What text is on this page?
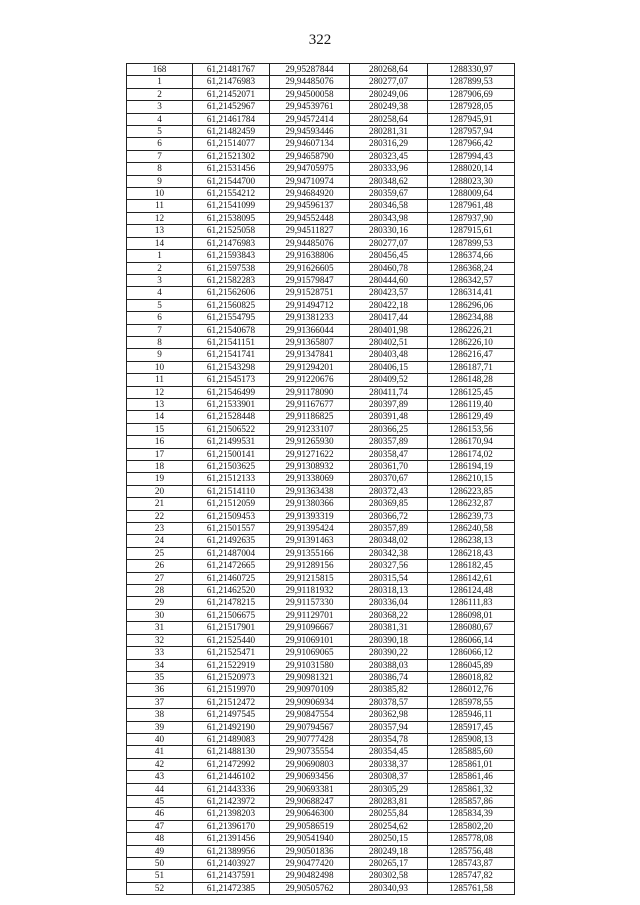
322
168	61,21481767	29,95287844	280268,64	1288330,97
1	61,21476983	29,94485076	280277,07	1287899,53
2	61,21452071	29,94500058	280249,06	1287906,69
3	61,21452967	29,94539761	280249,38	1287928,05
4	61,21461784	29,94572414	280258,64	1287945,91
5	61,21482459	29,94593446	280281,31	1287957,94
6	61,21514077	29,94607134	280316,29	1287966,42
7	61,21521302	29,94658790	280323,45	1287994,43
8	61,21531456	29,94705975	280333,96	1288020,14
9	61,21544700	29,94710974	280348,62	1288023,30
10	61,21554212	29,94684920	280359,67	1288009,64
11	61,21541099	29,94596137	280346,58	1287961,48
12	61,21538095	29,94552448	280343,98	1287937,90
13	61,21525058	29,94511827	280330,16	1287915,61
14	61,21476983	29,94485076	280277,07	1287899,53
1	61,21593843	29,91638806	280456,45	1286374,66
2	61,21597538	29,91626605	280460,78	1286368,24
3	61,21582283	29,91579847	280444,60	1286342,57
4	61,21562606	29,91528751	280423,57	1286314,41
5	61,21560825	29,91494712	280422,18	1286296,06
6	61,21554795	29,91381233	280417,44	1286234,88
7	61,21540678	29,91366044	280401,98	1286226,21
8	61,21541151	29,91365807	280402,51	1286226,10
9	61,21541741	29,91347841	280403,48	1286216,47
10	61,21543298	29,91294201	280406,15	1286187,71
11	61,21545173	29,91220676	280409,52	1286148,28
12	61,21546499	29,91178090	280411,74	1286125,45
13	61,21533901	29,91167677	280397,89	1286119,40
14	61,21528448	29,91186825	280391,48	1286129,49
15	61,21506522	29,91233107	280366,25	1286153,56
16	61,21499531	29,91265930	280357,89	1286170,94
17	61,21500141	29,91271622	280358,47	1286174,02
18	61,21503625	29,91308932	280361,70	1286194,19
19	61,21512133	29,91338069	280370,67	1286210,15
20	61,21514110	29,91363438	280372,43	1286223,85
21	61,21512059	29,91380366	280369,85	1286232,87
22	61,21509453	29,91393319	280366,72	1286239,73
23	61,21501557	29,91395424	280357,89	1286240,58
24	61,21492635	29,91391463	280348,02	1286238,13
25	61,21487004	29,91355166	280342,38	1286218,43
26	61,21472665	29,91289156	280327,56	1286182,45
27	61,21460725	29,91215815	280315,54	1286142,61
28	61,21462520	29,91181932	280318,13	1286124,48
29	61,21478215	29,91157330	280336,04	1286111,83
30	61,21506675	29,91129701	280368,22	1286098,01
31	61,21517901	29,91096667	280381,31	1286080,67
32	61,21525440	29,91069101	280390,18	1286066,14
33	61,21525471	29,91069065	280390,22	1286066,12
34	61,21522919	29,91031580	280388,03	1286045,89
35	61,21520973	29,90981321	280386,74	1286018,82
36	61,21519970	29,90970109	280385,82	1286012,76
37	61,21512472	29,90906934	280378,57	1285978,55
38	61,21497545	29,90847554	280362,98	1285946,11
39	61,21492190	29,90794567	280357,94	1285917,45
40	61,21489083	29,90777428	280354,78	1285908,13
41	61,21488130	29,90735554	280354,45	1285885,60
42	61,21472992	29,90690803	280338,37	1285861,01
43	61,21446102	29,90693456	280308,37	1285861,46
44	61,21443336	29,90693381	280305,29	1285861,32
45	61,21423972	29,90688247	280283,81	1285857,86
46	61,21398203	29,90646300	280255,84	1285834,39
47	61,21396170	29,90586519	280254,62	1285802,20
48	61,21391456	29,90541940	280250,15	1285778,08
49	61,21389956	29,90501836	280249,18	1285756,48
50	61,21403927	29,90477420	280265,17	1285743,87
51	61,21437591	29,90482498	280302,58	1285747,82
52	61,21472385	29,90505762	280340,93	1285761,58
